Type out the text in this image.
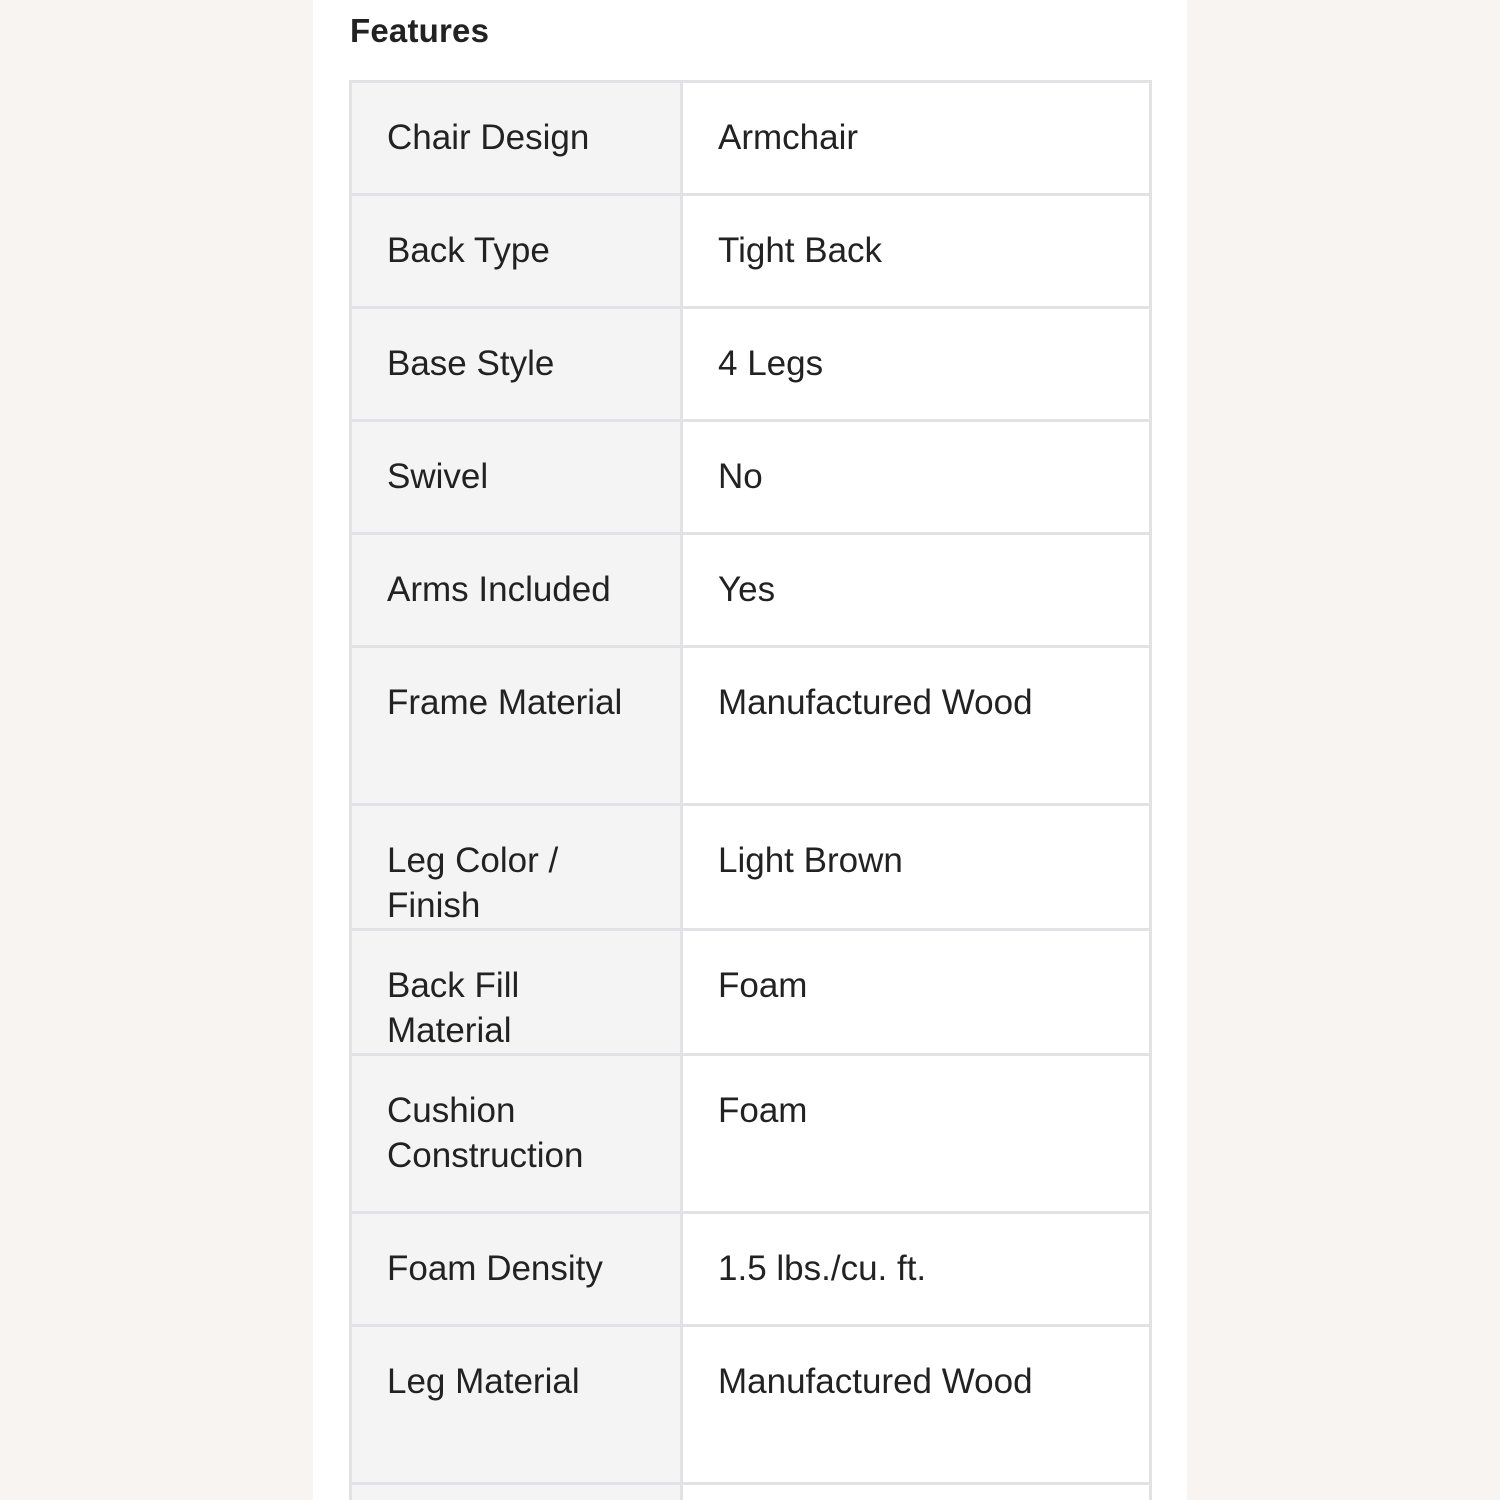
Features
Chair Design	Armchair
Back Type	Tight Back
Base Style	4 Legs
Swivel	No
Arms Included	Yes
Frame Material	Manufactured Wood
Leg Color / Finish	Light Brown
Back Fill Material	Foam
Cushion Construction	Foam
Foam Density	1.5 lbs./cu. ft.
Leg Material	Manufactured Wood
